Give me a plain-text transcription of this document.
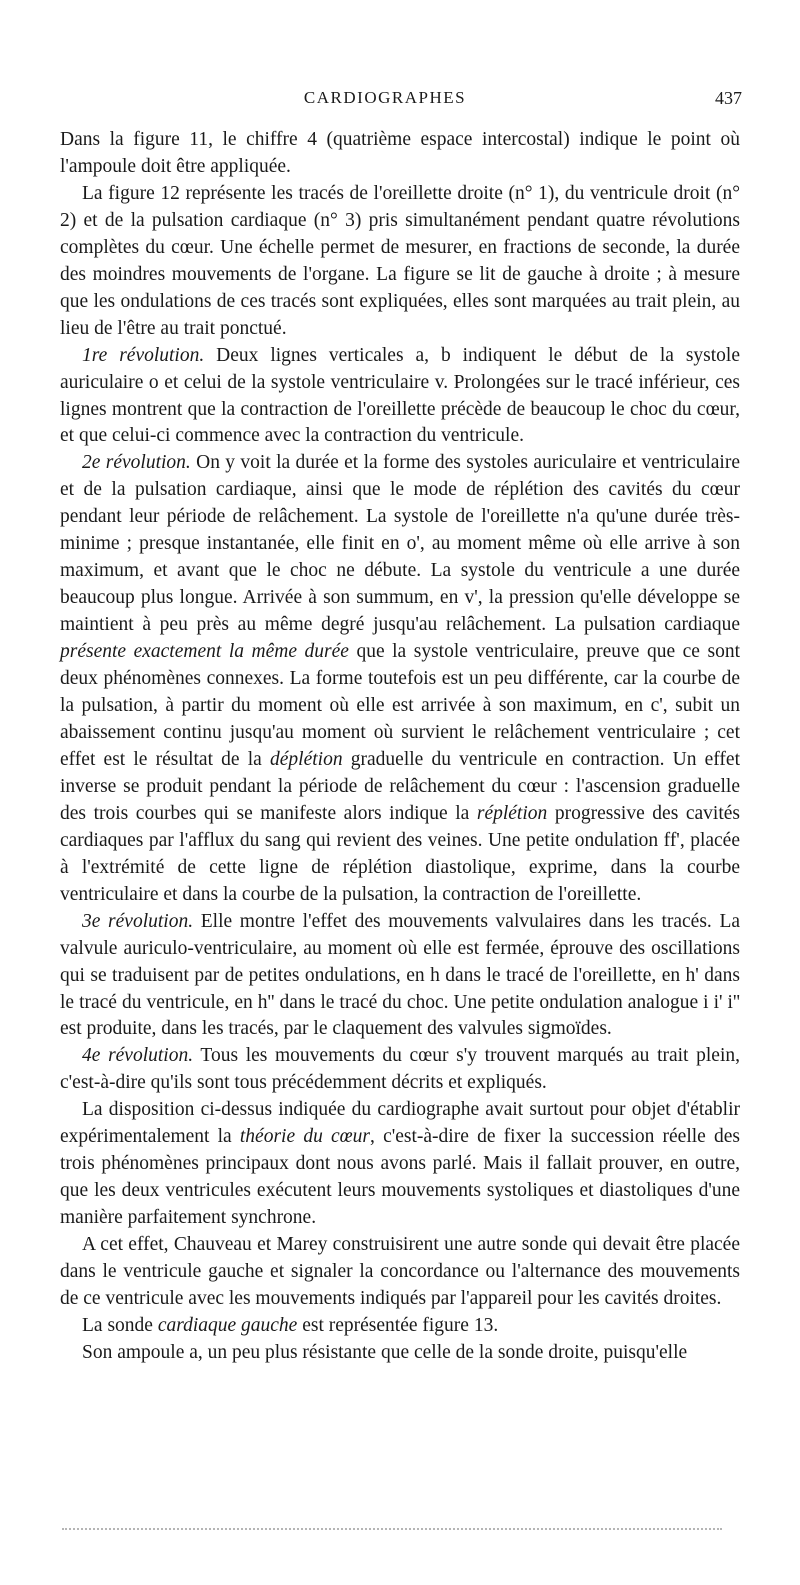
CARDIOGRAPHES	437

Dans la figure 11, le chiffre 4 (quatrième espace intercostal) indique le point où l'ampoule doit être appliquée.

La figure 12 représente les tracés de l'oreillette droite (n° 1), du ventricule droit (n° 2) et de la pulsation cardiaque (n° 3) pris simultanément pendant quatre révolutions complètes du cœur. Une échelle permet de mesurer, en fractions de seconde, la durée des moindres mouvements de l'organe. La figure se lit de gauche à droite ; à mesure que les ondulations de ces tracés sont expliquées, elles sont marquées au trait plein, au lieu de l'être au trait ponctué.

1re révolution. Deux lignes verticales a, b indiquent le début de la systole auriculaire o et celui de la systole ventriculaire v. Prolongées sur le tracé inférieur, ces lignes montrent que la contraction de l'oreillette précède de beaucoup le choc du cœur, et que celui-ci commence avec la contraction du ventricule.

2e révolution. On y voit la durée et la forme des systoles auriculaire et ventriculaire et de la pulsation cardiaque, ainsi que le mode de réplétion des cavités du cœur pendant leur période de relâchement. La systole de l'oreillette n'a qu'une durée très-minime ; presque instantanée, elle finit en o', au moment même où elle arrive à son maximum, et avant que le choc ne débute. La systole du ventricule a une durée beaucoup plus longue. Arrivée à son summum, en v', la pression qu'elle développe se maintient à peu près au même degré jusqu'au relâchement. La pulsation cardiaque présente exactement la même durée que la systole ventriculaire, preuve que ce sont deux phénomènes connexes. La forme toutefois est un peu différente, car la courbe de la pulsation, à partir du moment où elle est arrivée à son maximum, en c', subit un abaissement continu jusqu'au moment où survient le relâchement ventriculaire ; cet effet est le résultat de la déplétion graduelle du ventricule en contraction. Un effet inverse se produit pendant la période de relâchement du cœur : l'ascension graduelle des trois courbes qui se manifeste alors indique la réplétion progressive des cavités cardiaques par l'afflux du sang qui revient des veines. Une petite ondulation ff', placée à l'extrémité de cette ligne de réplétion diastolique, exprime, dans la courbe ventriculaire et dans la courbe de la pulsation, la contraction de l'oreillette.

3e révolution. Elle montre l'effet des mouvements valvulaires dans les tracés. La valvule auriculo-ventriculaire, au moment où elle est fermée, éprouve des oscillations qui se traduisent par de petites ondulations, en h dans le tracé de l'oreillette, en h' dans le tracé du ventricule, en h'' dans le tracé du choc. Une petite ondulation analogue i i' i'' est produite, dans les tracés, par le claquement des valvules sigmoïdes.

4e révolution. Tous les mouvements du cœur s'y trouvent marqués au trait plein, c'est-à-dire qu'ils sont tous précédemment décrits et expliqués.

La disposition ci-dessus indiquée du cardiographe avait surtout pour objet d'établir expérimentalement la théorie du cœur, c'est-à-dire de fixer la succession réelle des trois phénomènes principaux dont nous avons parlé. Mais il fallait prouver, en outre, que les deux ventricules exécutent leurs mouvements systoliques et diastoliques d'une manière parfaitement synchrone.

A cet effet, Chauveau et Marey construisirent une autre sonde qui devait être placée dans le ventricule gauche et signaler la concordance ou l'alternance des mouvements de ce ventricule avec les mouvements indiqués par l'appareil pour les cavités droites.

La sonde cardiaque gauche est représentée figure 13.

Son ampoule a, un peu plus résistante que celle de la sonde droite, puisqu'elle
